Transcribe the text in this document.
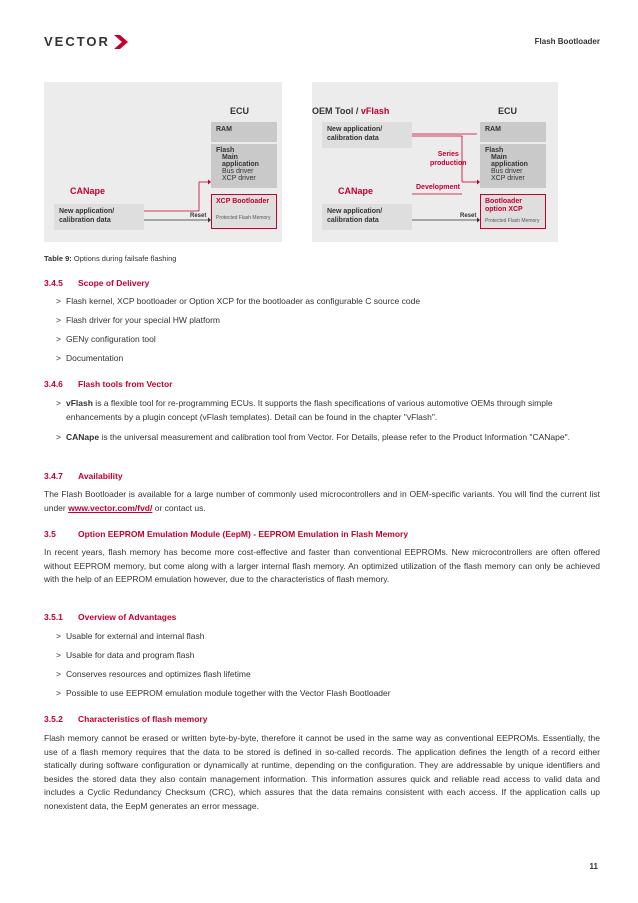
VECTOR	Flash Bootloader
ECU
RAM
Flash
Main application
Bus driver
XCP driver
XCP Bootloader
Protected Flash Memory
CANape
New application/
calibration data
Reset
OEM Tool / vFlash
New application/
calibration data
Series
production
Development
ECU
RAM
Flash
Main application
Bus driver
XCP driver
Bootloader
option XCP
Protected Flash Memory
CANape
New application/
calibration data
Reset
Table 9: Options during failsafe flashing
3.4.5 Scope of Delivery
> Flash kernel, XCP bootloader or Option XCP for the bootloader as configurable C source code
> Flash driver for your special HW platform
> GENy configuration tool
> Documentation
3.4.6 Flash tools from Vector
> vFlash is a flexible tool for re-programming ECUs. It supports the flash specifications of various automotive OEMs through simple enhancements by a plugin concept (vFlash templates). Detail can be found in the chapter "vFlash".
> CANape is the universal measurement and calibration tool from Vector. For Details, please refer to the Product Information "CANape".
3.4.7 Availability
The Flash Bootloader is available for a large number of commonly used microcontrollers and in OEM-specific variants. You will find the current list under www.vector.com/fvd/ or contact us.
3.5	Option EEPROM Emulation Module (EepM) - EEPROM Emulation in Flash Memory
In recent years, flash memory has become more cost-effective and faster than conventional EEPROMs. New microcontrollers are often offered without EEPROM memory, but come along with a larger internal flash memory. An optimized utilization of the flash memory can only be achieved with the help of an EEPROM emulation however, due to the characteristics of flash memory.
3.5.1 Overview of Advantages
> Usable for external and internal flash
> Usable for data and program flash
> Conserves resources and optimizes flash lifetime
> Possible to use EEPROM emulation module together with the Vector Flash Bootloader
3.5.2 Characteristics of flash memory
Flash memory cannot be erased or written byte-by-byte, therefore it cannot be used in the same way as conventional EEPROMs. Essentially, the use of a flash memory requires that the data to be stored is defined in so-called records. The application defines the length of a record either statically during software configuration or dynamically at runtime, depending on the configuration. They are addressable by unique identifiers and besides the stored data they also contain management information. This information assures quick and reliable read access to valid data and includes a Cyclic Redundancy Checksum (CRC), which assures that the data remains consistent with each access. If the application calls up nonexistent data, the EepM generates an error message.
11
